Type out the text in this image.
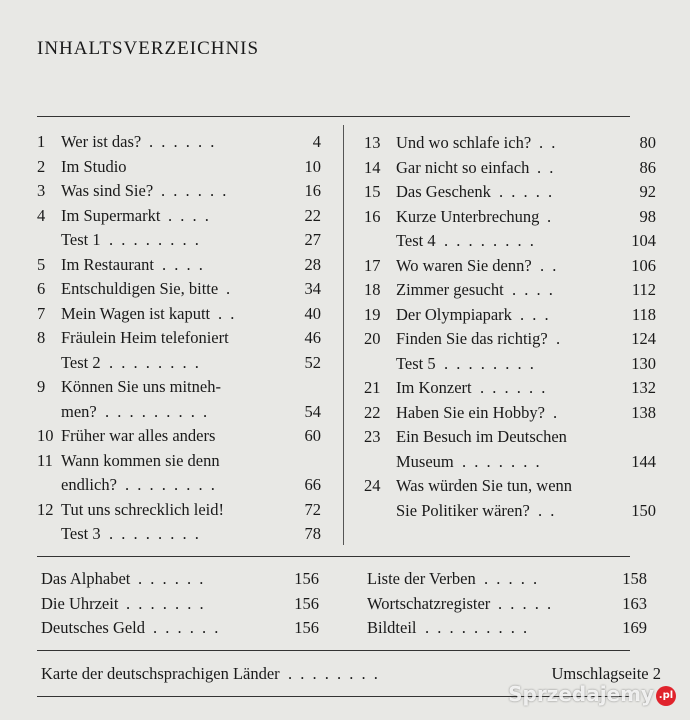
INHALTSVERZEICHNIS
1 Wer ist das? . . . . . .	4
2 Im Studio	10
3 Was sind Sie? . . . . . .	16
4 Im Supermarkt . . . .	22
Test 1 . . . . . . . .	27
5 Im Restaurant . . . .	28
6 Entschuldigen Sie, bitte .	34
7 Mein Wagen ist kaputt . .	40
8 Fräulein Heim telefoniert	46
Test 2 . . . . . . . .	52
9 Können Sie uns mitneh-
men? . . . . . . . . .	54
10 Früher war alles anders	60
11 Wann kommen sie denn
endlich? . . . . . . . .	66
12 Tut uns schrecklich leid!	72
Test 3 . . . . . . . .	78
13 Und wo schlafe ich? . .	80
14 Gar nicht so einfach . .	86
15 Das Geschenk . . . . .	92
16 Kurze Unterbrechung .	98
Test 4 . . . . . . . .	104
17 Wo waren Sie denn? . .	106
18 Zimmer gesucht . . . .	112
19 Der Olympiapark . . .	118
20 Finden Sie das richtig? .	124
Test 5 . . . . . . . .	130
21 Im Konzert . . . . . .	132
22 Haben Sie ein Hobby? .	138
23 Ein Besuch im Deutschen
Museum . . . . . . .	144
24 Was würden Sie tun, wenn
Sie Politiker wären? . .	150
Das Alphabet . . . . . .	156
Die Uhrzeit . . . . . . .	156
Deutsches Geld . . . . . .	156
Liste der Verben . . . . .	158
Wortschatzregister . . . . .	163
Bildteil . . . . . . . . .	169
Karte der deutschsprachigen Länder . . . . . . . .	Umschlagseite 2
Sprzedajemy .pl
